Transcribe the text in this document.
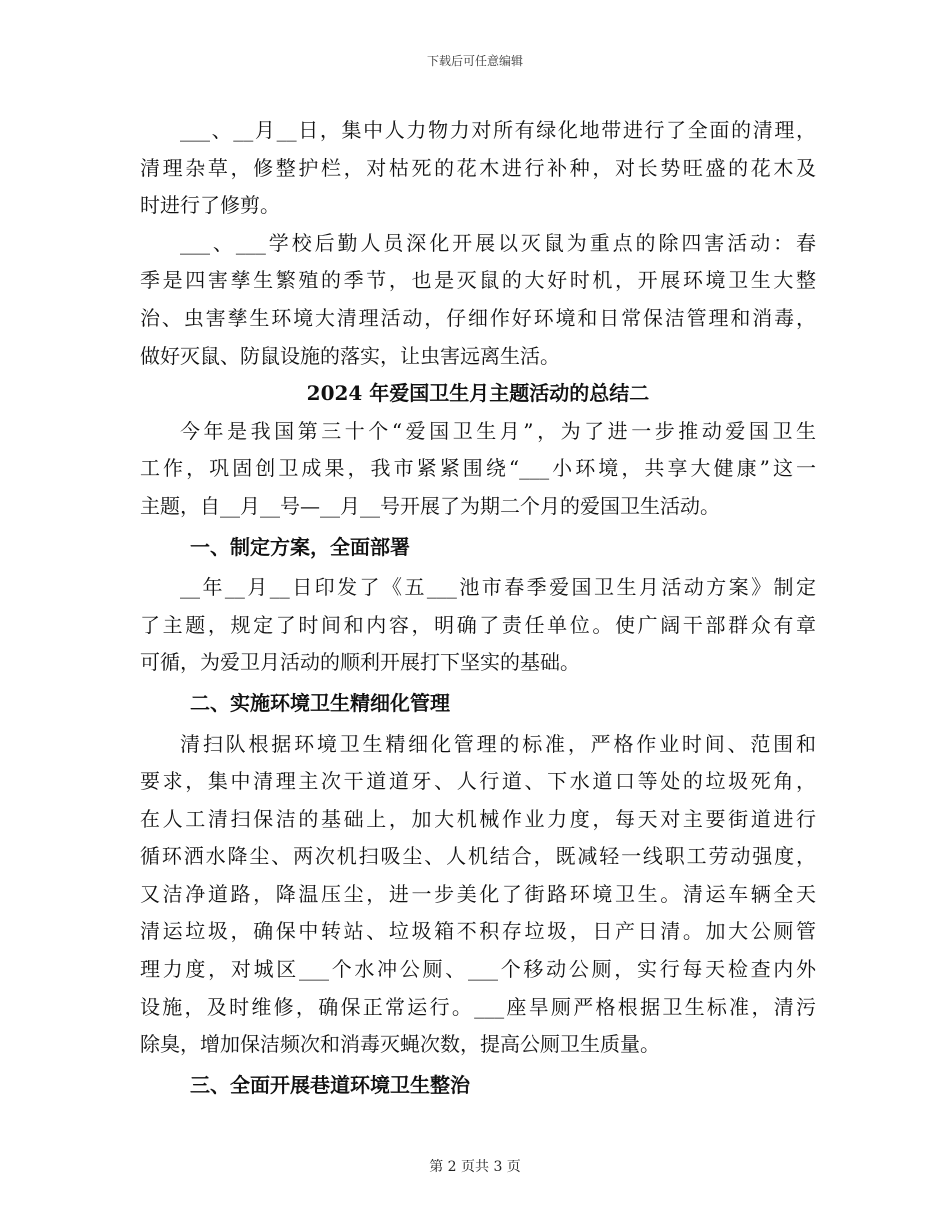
下载后可任意编辑
___、__月__日，集中人力物力对所有绿化地带进行了全面的清理，
清理杂草，修整护栏，对枯死的花木进行补种，对长势旺盛的花木及
时进行了修剪。
___、___学校后勤人员深化开展以灭鼠为重点的除四害活动：春
季是四害孳生繁殖的季节，也是灭鼠的大好时机，开展环境卫生大整
治、虫害孳生环境大清理活动，仔细作好环境和日常保洁管理和消毒，
做好灭鼠、防鼠设施的落实，让虫害远离生活。
2024 年爱国卫生月主题活动的总结二
今年是我国第三十个“爱国卫生月”，为了进一步推动爱国卫生
工作，巩固创卫成果，我市紧紧围绕“___小环境，共享大健康”这一
主题，自__月__号—__月__号开展了为期二个月的爱国卫生活动。
一、制定方案，全面部署
__年__月__日印发了《五___池市春季爱国卫生月活动方案》制定
了主题，规定了时间和内容，明确了责任单位。使广阔干部群众有章
可循，为爱卫月活动的顺利开展打下坚实的基础。
二、实施环境卫生精细化管理
清扫队根据环境卫生精细化管理的标准，严格作业时间、范围和
要求，集中清理主次干道道牙、人行道、下水道口等处的垃圾死角，
在人工清扫保洁的基础上，加大机械作业力度，每天对主要街道进行
循环洒水降尘、两次机扫吸尘、人机结合，既减轻一线职工劳动强度，
又洁净道路，降温压尘，进一步美化了街路环境卫生。清运车辆全天
清运垃圾，确保中转站、垃圾箱不积存垃圾，日产日清。加大公厕管
理力度，对城区___个水冲公厕、___个移动公厕，实行每天检查内外
设施，及时维修，确保正常运行。___座旱厕严格根据卫生标准，清污
除臭，增加保洁频次和消毒灭蝇次数，提高公厕卫生质量。
三、全面开展巷道环境卫生整治
第 2 页共 3 页
